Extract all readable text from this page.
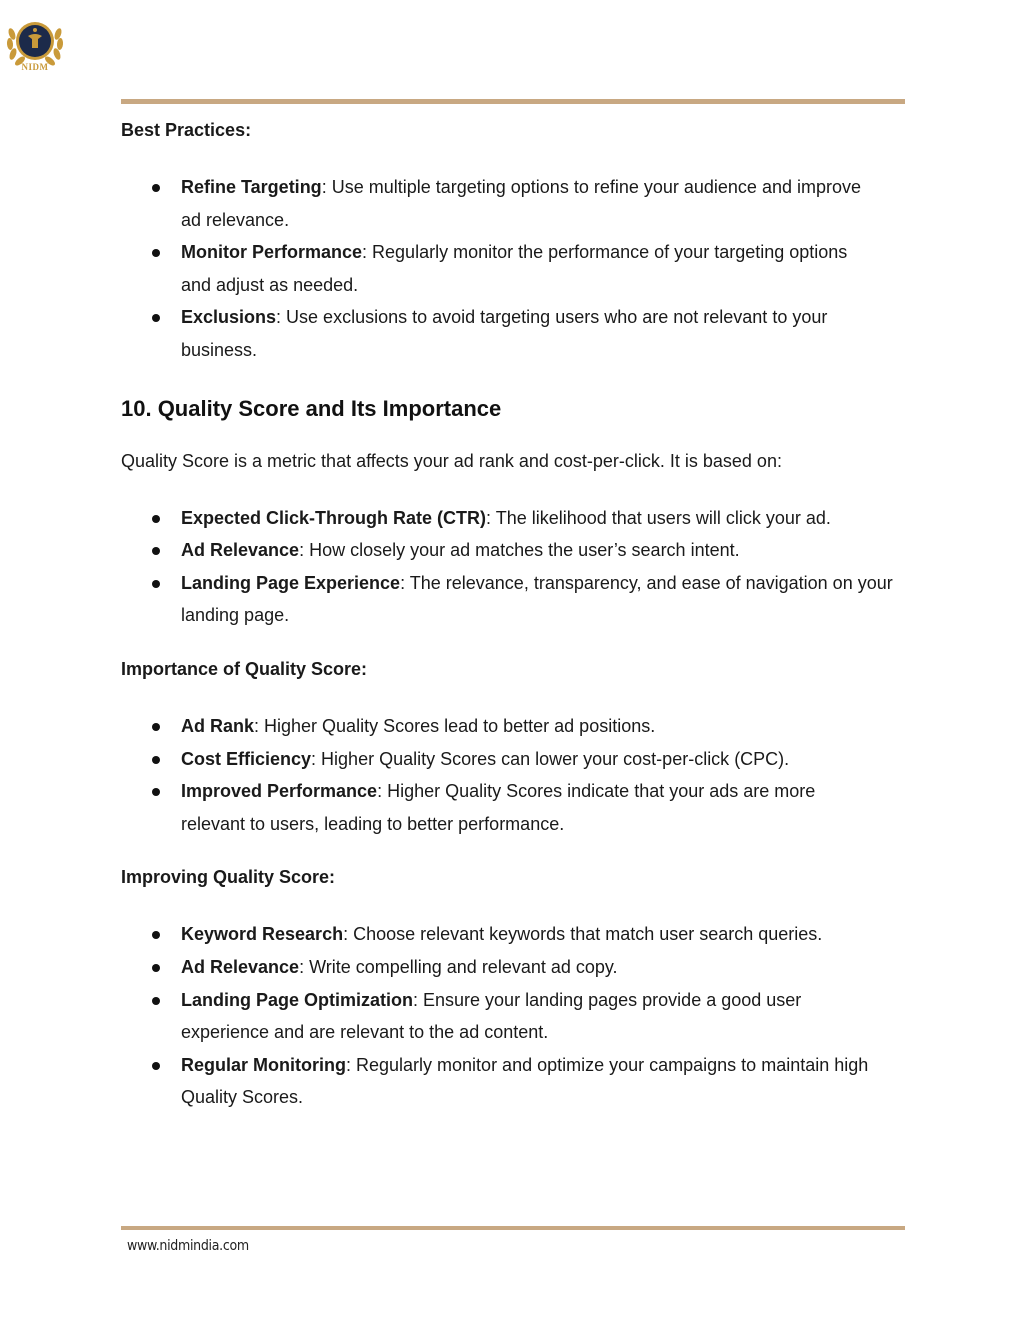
NIDM
Best Practices:
Refine Targeting: Use multiple targeting options to refine your audience and improve ad relevance.
Monitor Performance: Regularly monitor the performance of your targeting options and adjust as needed.
Exclusions: Use exclusions to avoid targeting users who are not relevant to your business.
10. Quality Score and Its Importance

Quality Score is a metric that affects your ad rank and cost-per-click. It is based on:

Expected Click-Through Rate (CTR): The likelihood that users will click your ad.
Ad Relevance: How closely your ad matches the user’s search intent.
Landing Page Experience: The relevance, transparency, and ease of navigation on your landing page.
Importance of Quality Score:
Ad Rank: Higher Quality Scores lead to better ad positions.
Cost Efficiency: Higher Quality Scores can lower your cost-per-click (CPC).
Improved Performance: Higher Quality Scores indicate that your ads are more relevant to users, leading to better performance.
Improving Quality Score:
Keyword Research: Choose relevant keywords that match user search queries.
Ad Relevance: Write compelling and relevant ad copy.
Landing Page Optimization: Ensure your landing pages provide a good user experience and are relevant to the ad content.
Regular Monitoring: Regularly monitor and optimize your campaigns to maintain high Quality Scores.
www.nidmindia.com
